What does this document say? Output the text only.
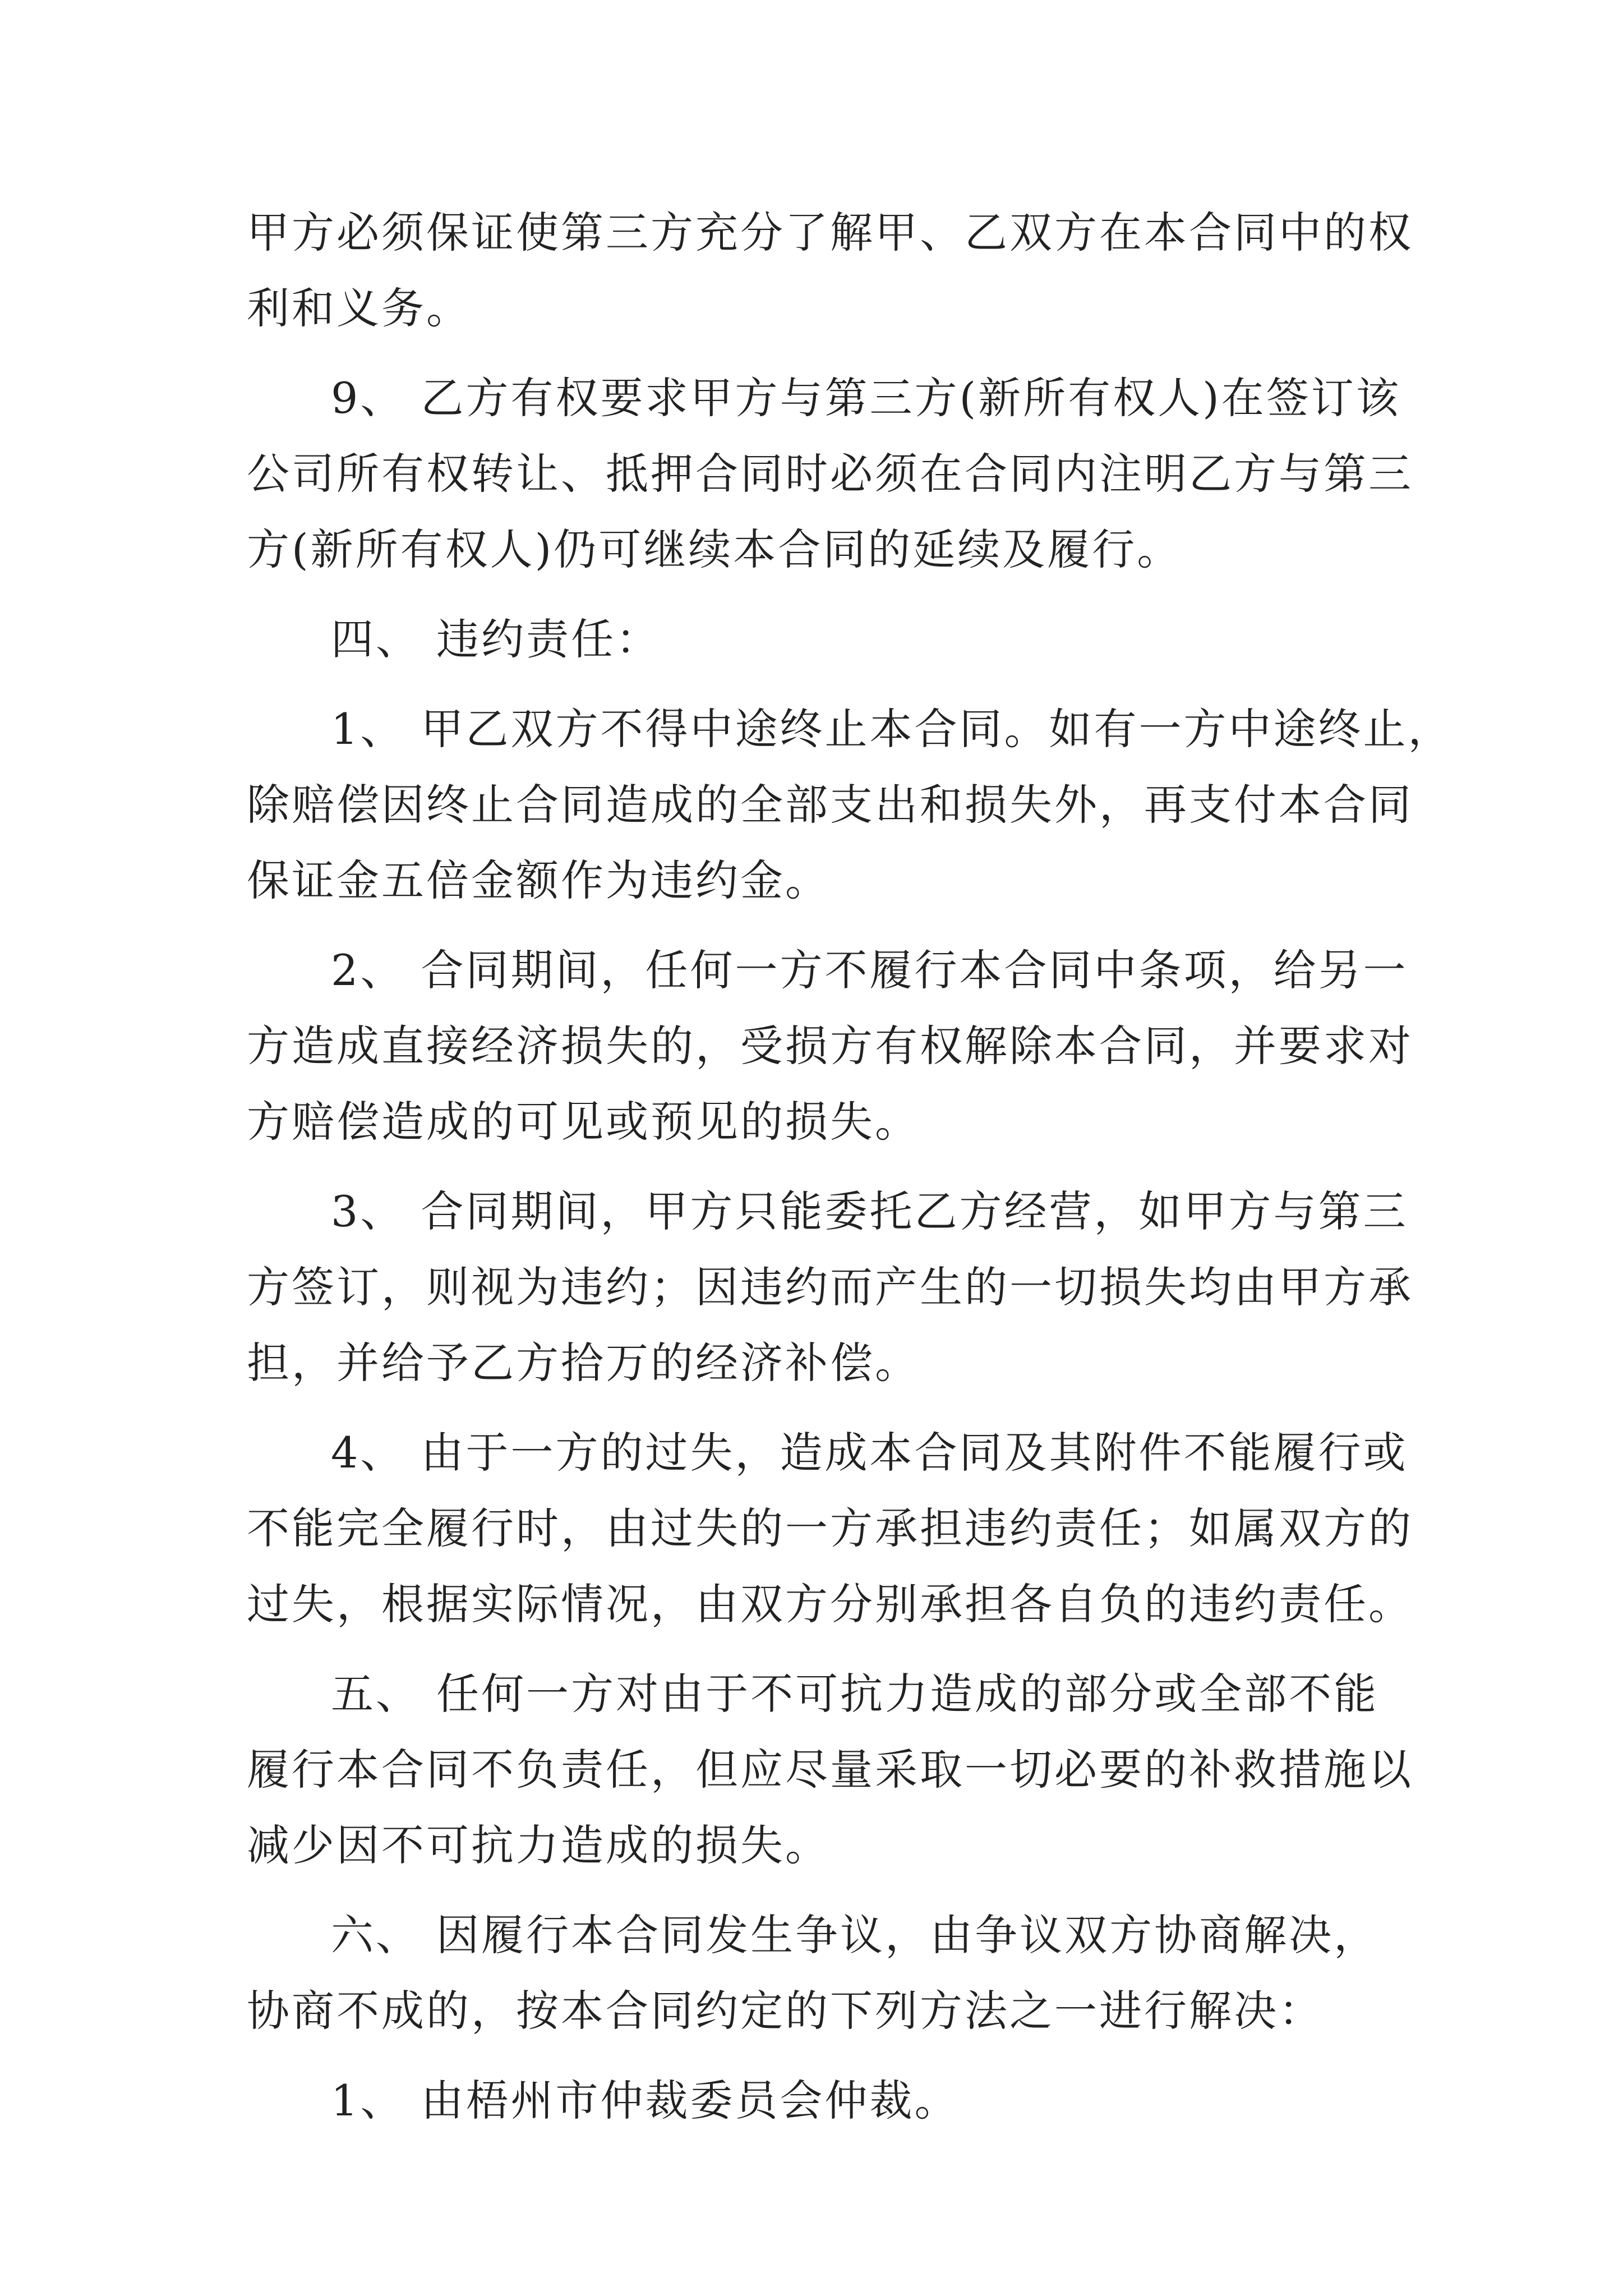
甲方必须保证使第三方充分了解甲、乙双方在本合同中的权
利和义务。
9、 乙方有权要求甲方与第三方(新所有权人)在签订该
公司所有权转让、抵押合同时必须在合同内注明乙方与第三
方(新所有权人)仍可继续本合同的延续及履行。
四、 违约责任：
1、 甲乙双方不得中途终止本合同。如有一方中途终止，
除赔偿因终止合同造成的全部支出和损失外，再支付本合同
保证金五倍金额作为违约金。
2、 合同期间，任何一方不履行本合同中条项，给另一
方造成直接经济损失的，受损方有权解除本合同，并要求对
方赔偿造成的可见或预见的损失。
3、 合同期间，甲方只能委托乙方经营，如甲方与第三
方签订，则视为违约；因违约而产生的一切损失均由甲方承
担，并给予乙方拾万的经济补偿。
4、 由于一方的过失，造成本合同及其附件不能履行或
不能完全履行时，由过失的一方承担违约责任；如属双方的
过失，根据实际情况，由双方分别承担各自负的违约责任。
五、 任何一方对由于不可抗力造成的部分或全部不能
履行本合同不负责任，但应尽量采取一切必要的补救措施以
减少因不可抗力造成的损失。
六、 因履行本合同发生争议，由争议双方协商解决，
协商不成的，按本合同约定的下列方法之一进行解决：
1、 由梧州市仲裁委员会仲裁。
